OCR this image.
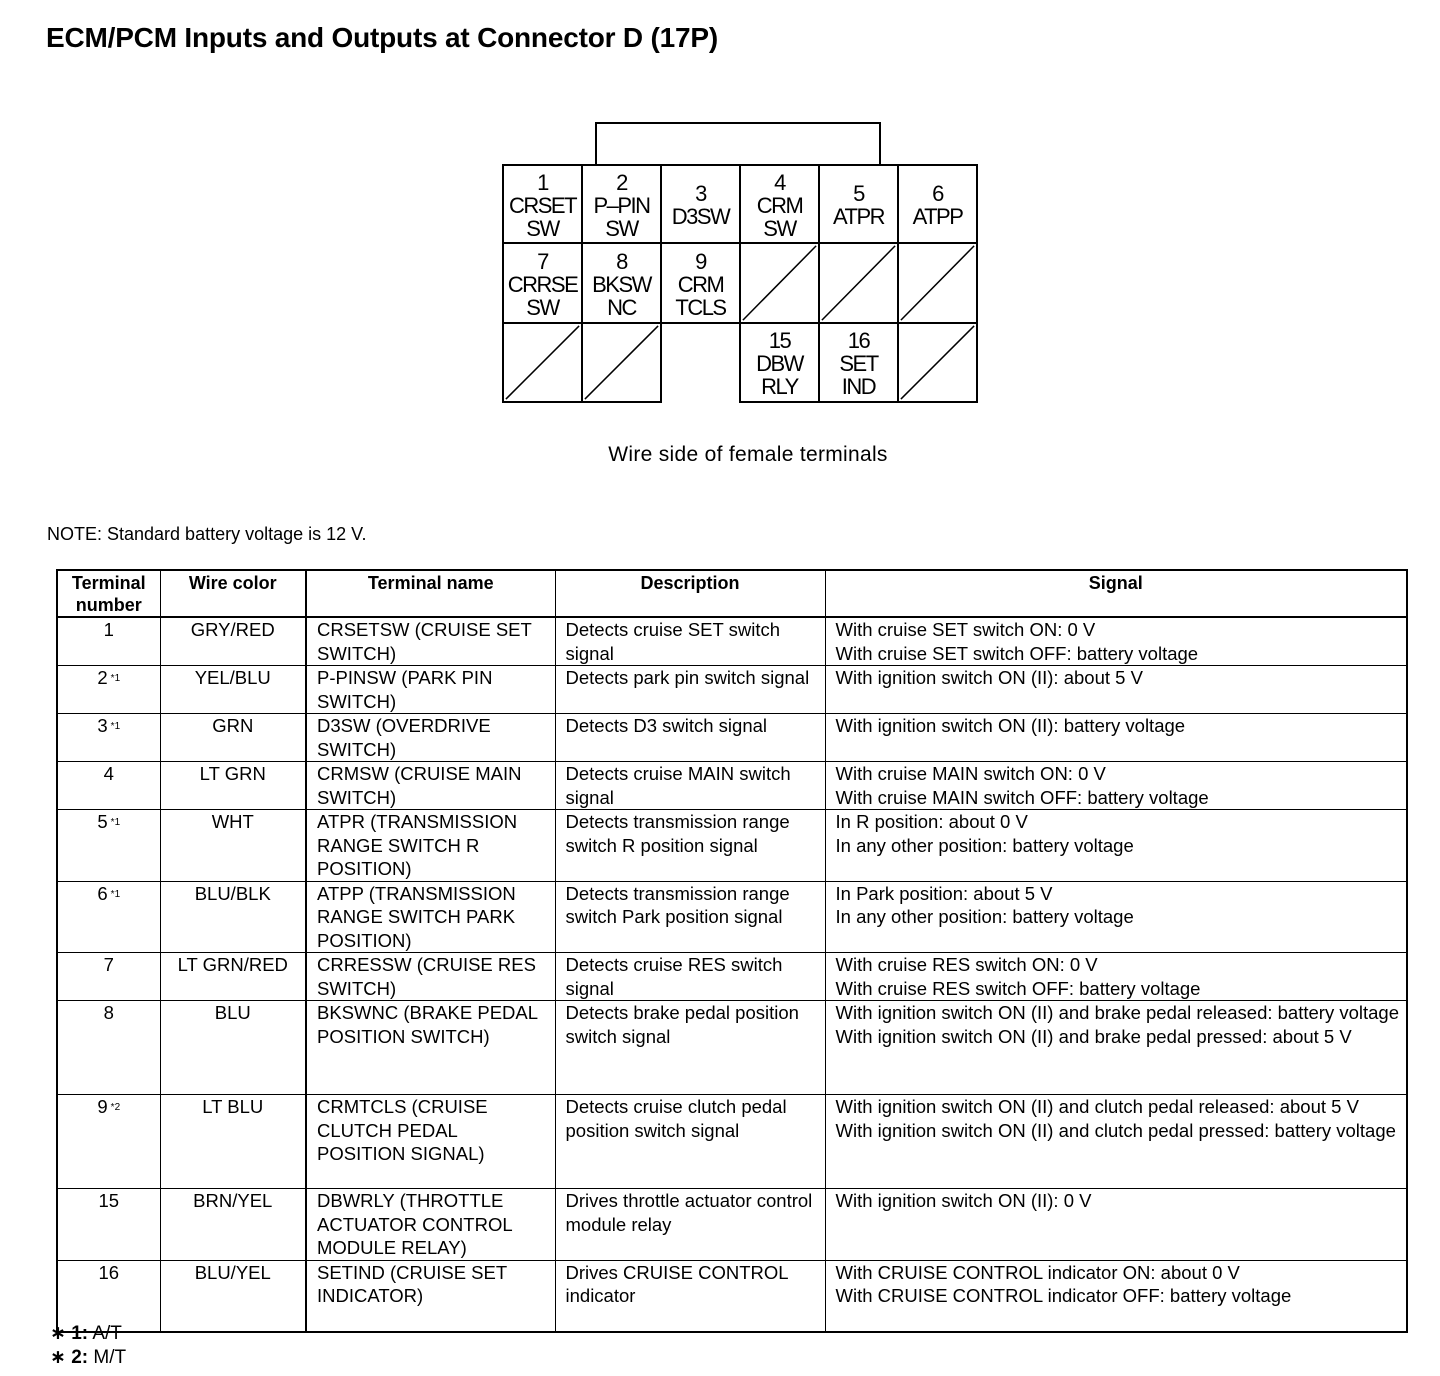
ECM/PCM Inputs and Outputs at Connector D (17P)
1
CRSET
SW
2
P–PIN
SW
3
D3SW
4
CRM
SW
5
ATPR
6
ATPP
7
CRRSE
SW
8
BKSW
NC
9
CRM
TCLS
15
DBW
RLY
16
SET
IND
Wire side of female terminals
NOTE: Standard battery voltage is 12 V.
Terminal
number	Wire color	Terminal name	Description	Signal
1	GRY/RED	CRSETSW (CRUISE SET SWITCH)	Detects cruise SET switch signal	With cruise SET switch ON: 0 V
With cruise SET switch OFF: battery voltage

2 $^{*1}$	YEL/BLU	P-PINSW (PARK PIN SWITCH)	Detects park pin switch signal	With ignition switch ON (II): about 5 V

3 $^{*1}$	GRN	D3SW (OVERDRIVE SWITCH)	Detects D3 switch signal	With ignition switch ON (II): battery voltage

4	LT GRN	CRMSW (CRUISE MAIN SWITCH)	Detects cruise MAIN switch signal	With cruise MAIN switch ON: 0 V
With cruise MAIN switch OFF: battery voltage

5 $^{*1}$	WHT	ATPR (TRANSMISSION RANGE SWITCH R POSITION)	Detects transmission range switch R position signal	In R position: about 0 V
In any other position: battery voltage

6 $^{*1}$	BLU/BLK	ATPP (TRANSMISSION RANGE SWITCH PARK POSITION)	Detects transmission range switch Park position signal	In Park position: about 5 V
In any other position: battery voltage

7	LT GRN/RED	CRRESSW (CRUISE RES SWITCH)	Detects cruise RES switch signal	With cruise RES switch ON: 0 V
With cruise RES switch OFF: battery voltage

8	BLU	BKSWNC (BRAKE PEDAL POSITION SWITCH)	Detects brake pedal position switch signal	With ignition switch ON (II) and brake pedal released: battery voltage
With ignition switch ON (II) and brake pedal pressed: about 5 V

9 $^{*2}$	LT BLU	CRMTCLS (CRUISE CLUTCH PEDAL POSITION SIGNAL)	Detects cruise clutch pedal position switch signal	With ignition switch ON (II) and clutch pedal released: about 5 V
With ignition switch ON (II) and clutch pedal pressed: battery voltage

15	BRN/YEL	DBWRLY (THROTTLE ACTUATOR CONTROL MODULE RELAY)	Drives throttle actuator control module relay	With ignition switch ON (II): 0 V

16	BLU/YEL	SETIND (CRUISE SET INDICATOR)	Drives CRUISE CONTROL indicator	With CRUISE CONTROL indicator ON: about 0 V
With CRUISE CONTROL indicator OFF: battery voltage
∗ 1: A/T
∗ 2: M/T
